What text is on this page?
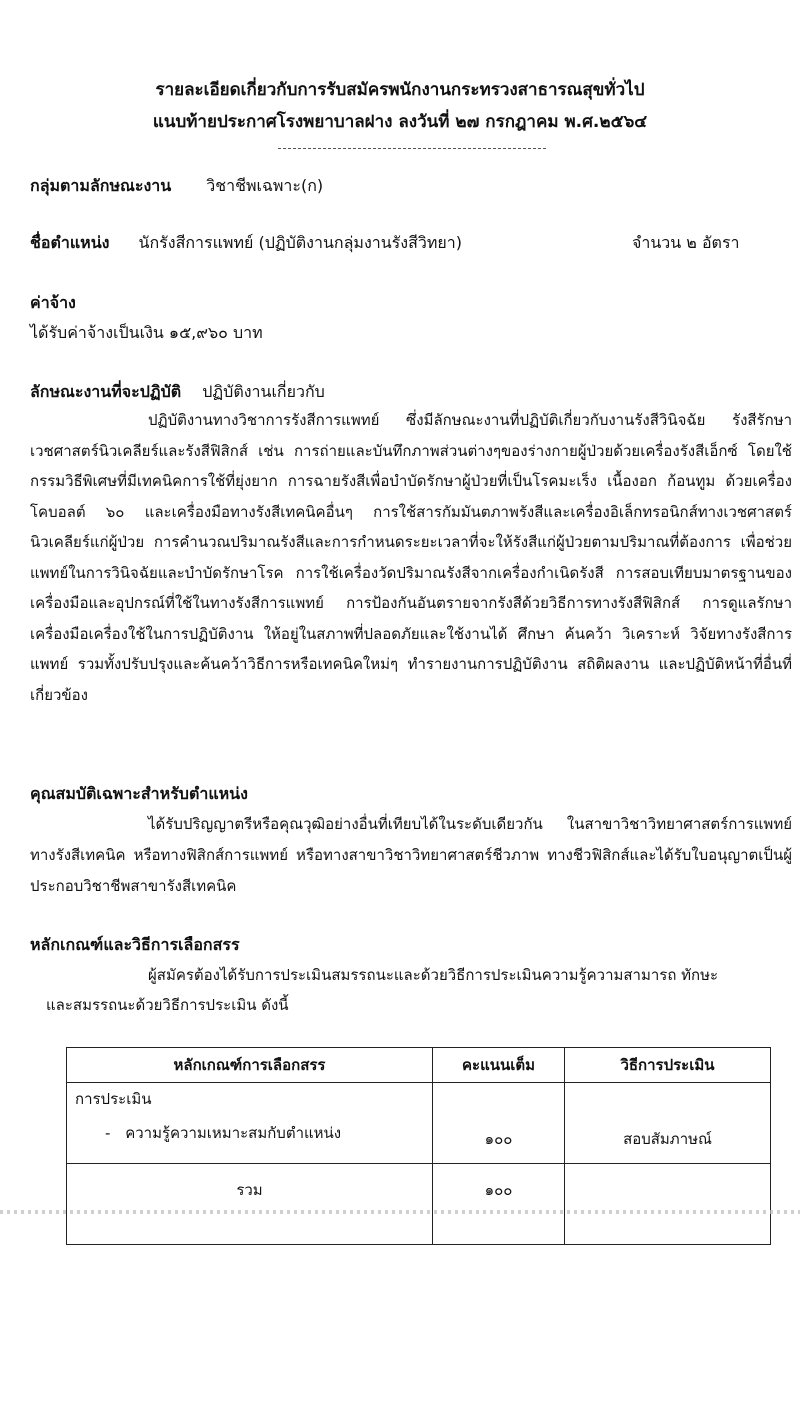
รายละเอียดเกี่ยวกับการรับสมัครพนักงานกระทรวงสาธารณสุขทั่วไป
แนบท้ายประกาศโรงพยาบาลฝาง ลงวันที่ ๒๗ กรกฎาคม พ.ศ.๒๕๖๔
กลุ่มตามลักษณะงาน วิชาชีพเฉพาะ(ก)
ชื่อตำแหน่ง นักรังสีการแพทย์ (ปฏิบัติงานกลุ่มงานรังสีวิทยา)	จำนวน ๒ อัตรา
ค่าจ้าง
ได้รับค่าจ้างเป็นเงิน ๑๕,๙๖๐ บาท
ลักษณะงานที่จะปฏิบัติ ปฏิบัติงานเกี่ยวกับ
ปฏิบัติงานทางวิชาการรังสีการแพทย์ ซึ่งมีลักษณะงานที่ปฏิบัติเกี่ยวกับงานรังสีวินิจฉัย รังสีรักษาเวชศาสตร์นิวเคลียร์และรังสีฟิสิกส์ เช่น การถ่ายและบันทึกภาพส่วนต่างๆของร่างกายผู้ป่วยด้วยเครื่องรังสีเอ็กซ์ โดยใช้กรรมวิธีพิเศษที่มีเทคนิคการใช้ที่ยุ่งยาก การฉายรังสีเพื่อบำบัดรักษาผู้ป่วยที่เป็นโรคมะเร็ง เนื้องอก ก้อนทูม ด้วยเครื่องโคบอลต์ ๖๐ และเครื่องมือทางรังสีเทคนิคอื่นๆ การใช้สารกัมมันตภาพรังสีและเครื่องอิเล็กทรอนิกส์ทางเวชศาสตร์นิวเคลียร์แก่ผู้ป่วย การคำนวณปริมาณรังสีและการกำหนดระยะเวลาที่จะให้รังสีแก่ผู้ป่วยตามปริมาณที่ต้องการ เพื่อช่วยแพทย์ในการวินิจฉัยและบำบัดรักษาโรค การใช้เครื่องวัดปริมาณรังสีจากเครื่องกำเนิดรังสี การสอบเทียบมาตรฐานของเครื่องมือและอุปกรณ์ที่ใช้ในทางรังสีการแพทย์ การป้องกันอันตรายจากรังสีด้วยวิธีการทางรังสีฟิสิกส์ การดูแลรักษาเครื่องมือเครื่องใช้ในการปฏิบัติงาน ให้อยู่ในสภาพที่ปลอดภัยและใช้งานได้ ศึกษา ค้นคว้า วิเคราะห์ วิจัยทางรังสีการแพทย์ รวมทั้งปรับปรุงและค้นคว้าวิธีการหรือเทคนิคใหม่ๆ ทำรายงานการปฏิบัติงาน สถิติผลงาน และปฏิบัติหน้าที่อื่นที่เกี่ยวข้อง
คุณสมบัติเฉพาะสำหรับตำแหน่ง
ได้รับปริญญาตรีหรือคุณวุฒิอย่างอื่นที่เทียบได้ในระดับเดียวกัน ในสาขาวิชาวิทยาศาสตร์การแพทย์ ทางรังสีเทคนิค หรือทางฟิสิกส์การแพทย์ หรือทางสาขาวิชาวิทยาศาสตร์ชีวภาพ ทางชีวฟิสิกส์และได้รับใบอนุญาตเป็นผู้ประกอบวิชาชีพสาขารังสีเทคนิค
หลักเกณฑ์และวิธีการเลือกสรร
ผู้สมัครต้องได้รับการประเมินสมรรถนะและด้วยวิธีการประเมินความรู้ความสามารถ ทักษะ
และสมรรถนะด้วยวิธีการประเมิน ดังนี้
หลักเกณฑ์การเลือกสรร	คะแนนเต็ม	วิธีการประเมิน

การประเมิน
- ความรู้ความเหมาะสมกับตำแหน่ง	๑๐๐	สอบสัมภาษณ์
รวม	๑๐๐	
